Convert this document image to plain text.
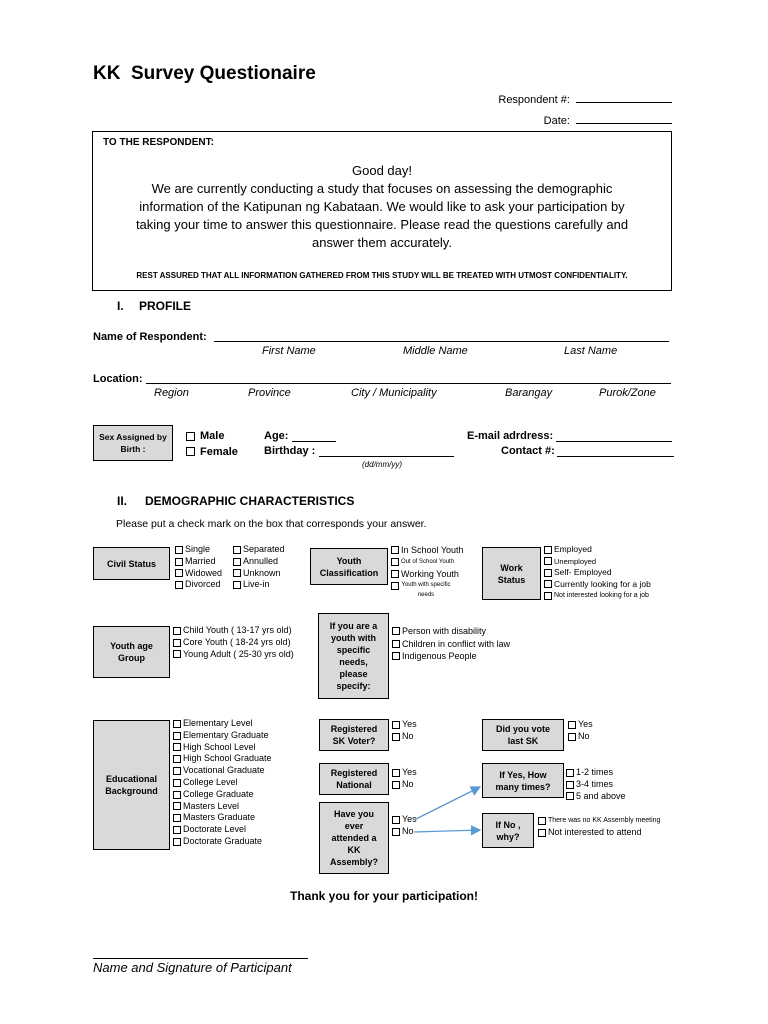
KK  Survey Questionaire
Respondent #:
Date:
TO THE RESPONDENT:
Good day!
We are currently conducting a study that focuses on assessing the demographic information of the Katipunan ng Kabataan. We would like to ask your participation by taking your time to answer this questionnaire. Please read the questions carefully and answer them accurately.
REST ASSURED THAT ALL INFORMATION GATHERED FROM THIS STUDY WILL BE TREATED WITH UTMOST CONFIDENTIALITY.
I. PROFILE
Name of Respondent:
First Name	Middle Name	Last Name
Location:
Region	Province	City / Municipality	Barangay	Purok/Zone
Sex Assigned by Birth :
Male
Female
Age:
Birthday :
(dd/mm/yy)
E-mail adrdress:
Contact #:
II. DEMOGRAPHIC CHARACTERISTICS
Please put a check mark on the box that corresponds your answer.
Civil Status
Single
Married
Widowed
Divorced
Separated
Annulled
Unknown
Live-in
Youth Classification
In School Youth
Out of School Youth
Working Youth
Youth with specific needs
Work Status
Employed
Unemployed
Self- Employed
Currently looking for a job
Not interested looking for a job
Youth age Group
Child Youth ( 13-17 yrs old)
Core Youth ( 18-24 yrs old)
Young Adult ( 25-30 yrs old)
If you are a youth with specific needs, please specify:
Person with disability
Children in conflict with law
Indigenous People
Educational Background
Elementary Level
Elementary Graduate
High School Level
High School Graduate
Vocational Graduate
College Level
College Graduate
Masters Level
Masters Graduate
Doctorate Level
Doctorate Graduate
Registered SK Voter?
Yes
No
Registered National
Yes
No
Have you ever attended a KK Assembly?
Yes
No
Did you vote last SK
Yes
No
If Yes, How many times?
1-2 times
3-4 times
5 and above
If No , why?
There was no KK Assembly meeting
Not interested to attend
Thank you for your participation!
Name and Signature of Participant
